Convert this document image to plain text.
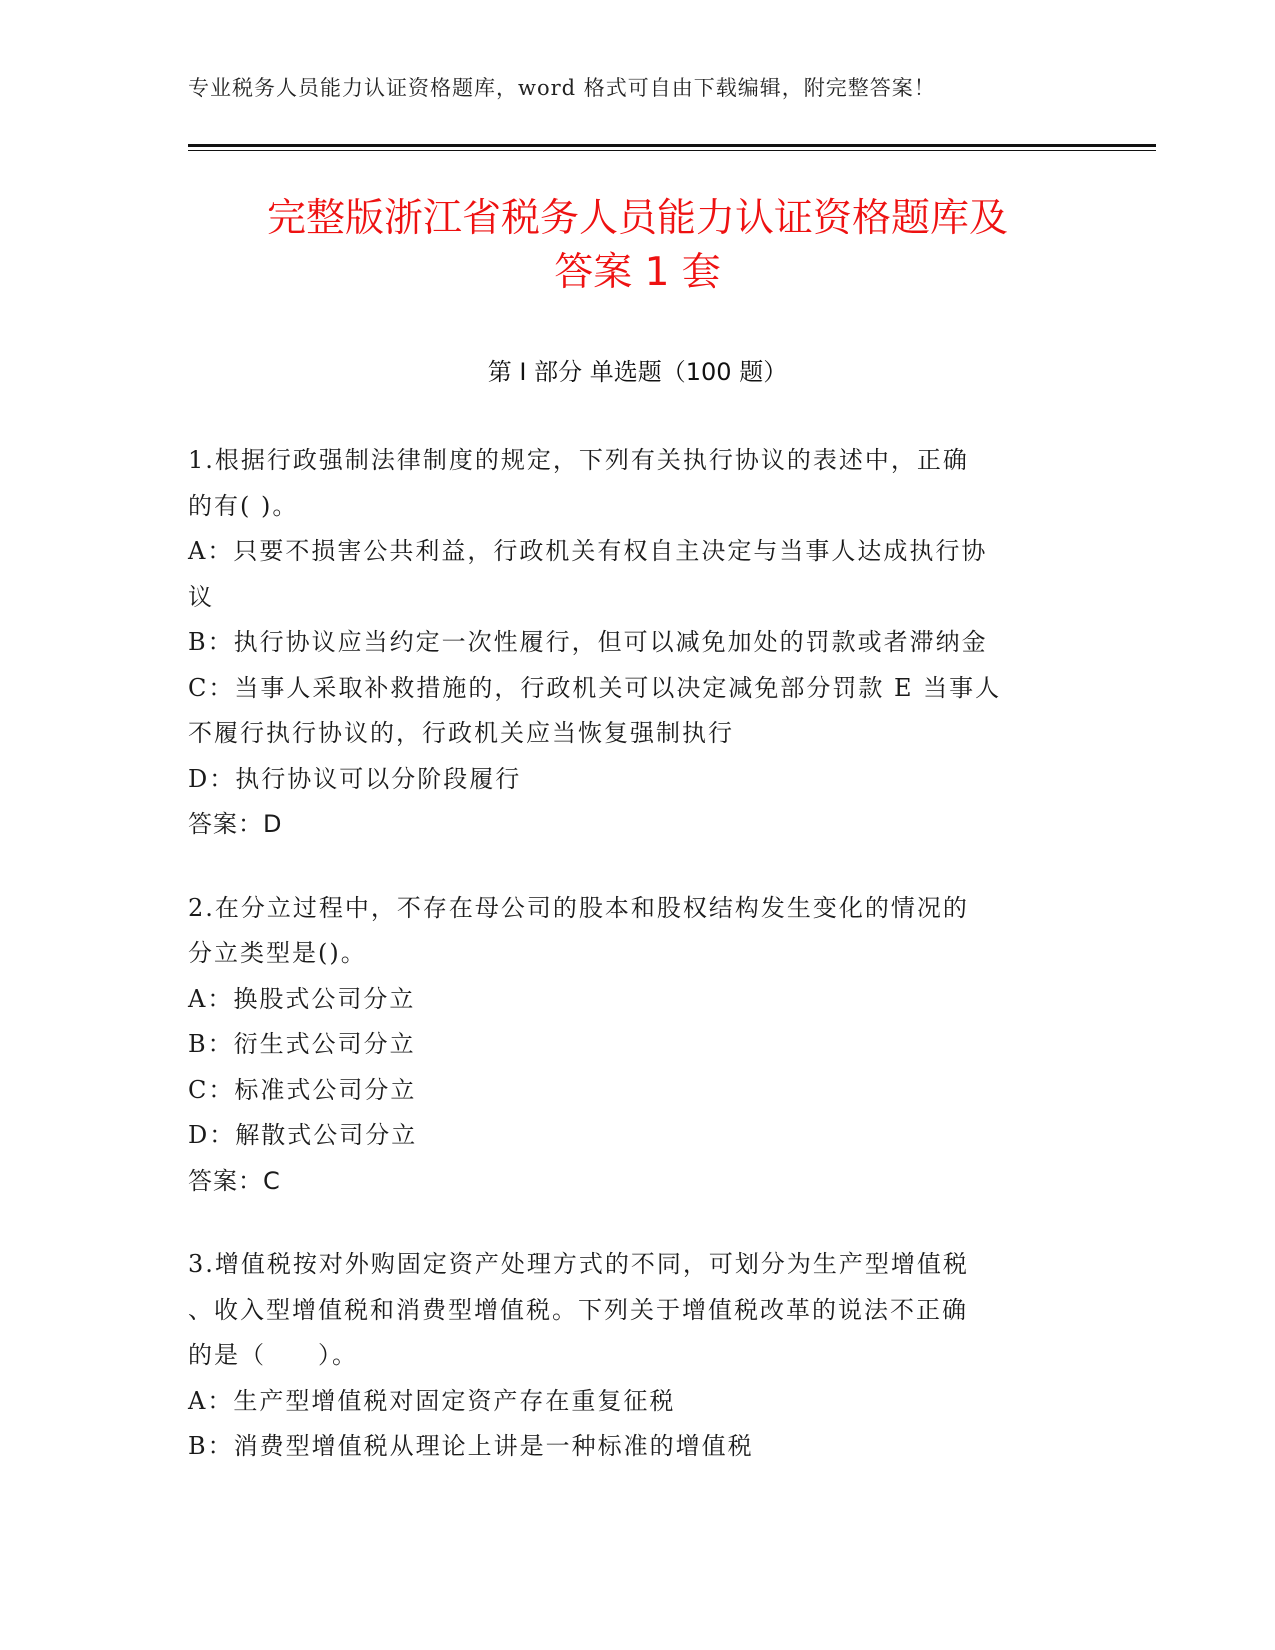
专业税务人员能力认证资格题库，word 格式可自由下载编辑，附完整答案！
完整版浙江省税务人员能力认证资格题库及
答案 1 套
第 I 部分 单选题（100 题）

1.根据行政强制法律制度的规定，下列有关执行协议的表述中，正确

的有( )。

A：只要不损害公共利益，行政机关有权自主决定与当事人达成执行协

议

B：执行协议应当约定一次性履行，但可以减免加处的罚款或者滞纳金

C：当事人采取补救措施的，行政机关可以决定减免部分罚款 E 当事人

不履行执行协议的，行政机关应当恢复强制执行

D：执行协议可以分阶段履行

答案：D

2.在分立过程中，不存在母公司的股本和股权结构发生变化的情况的

分立类型是()。

A：换股式公司分立

B：衍生式公司分立

C：标准式公司分立

D：解散式公司分立

答案：C

3.增值税按对外购固定资产处理方式的不同，可划分为生产型增值税

、收入型增值税和消费型增值税。下列关于增值税改革的说法不正确

的是（　　）。

A：生产型增值税对固定资产存在重复征税

B：消费型增值税从理论上讲是一种标准的增值税
